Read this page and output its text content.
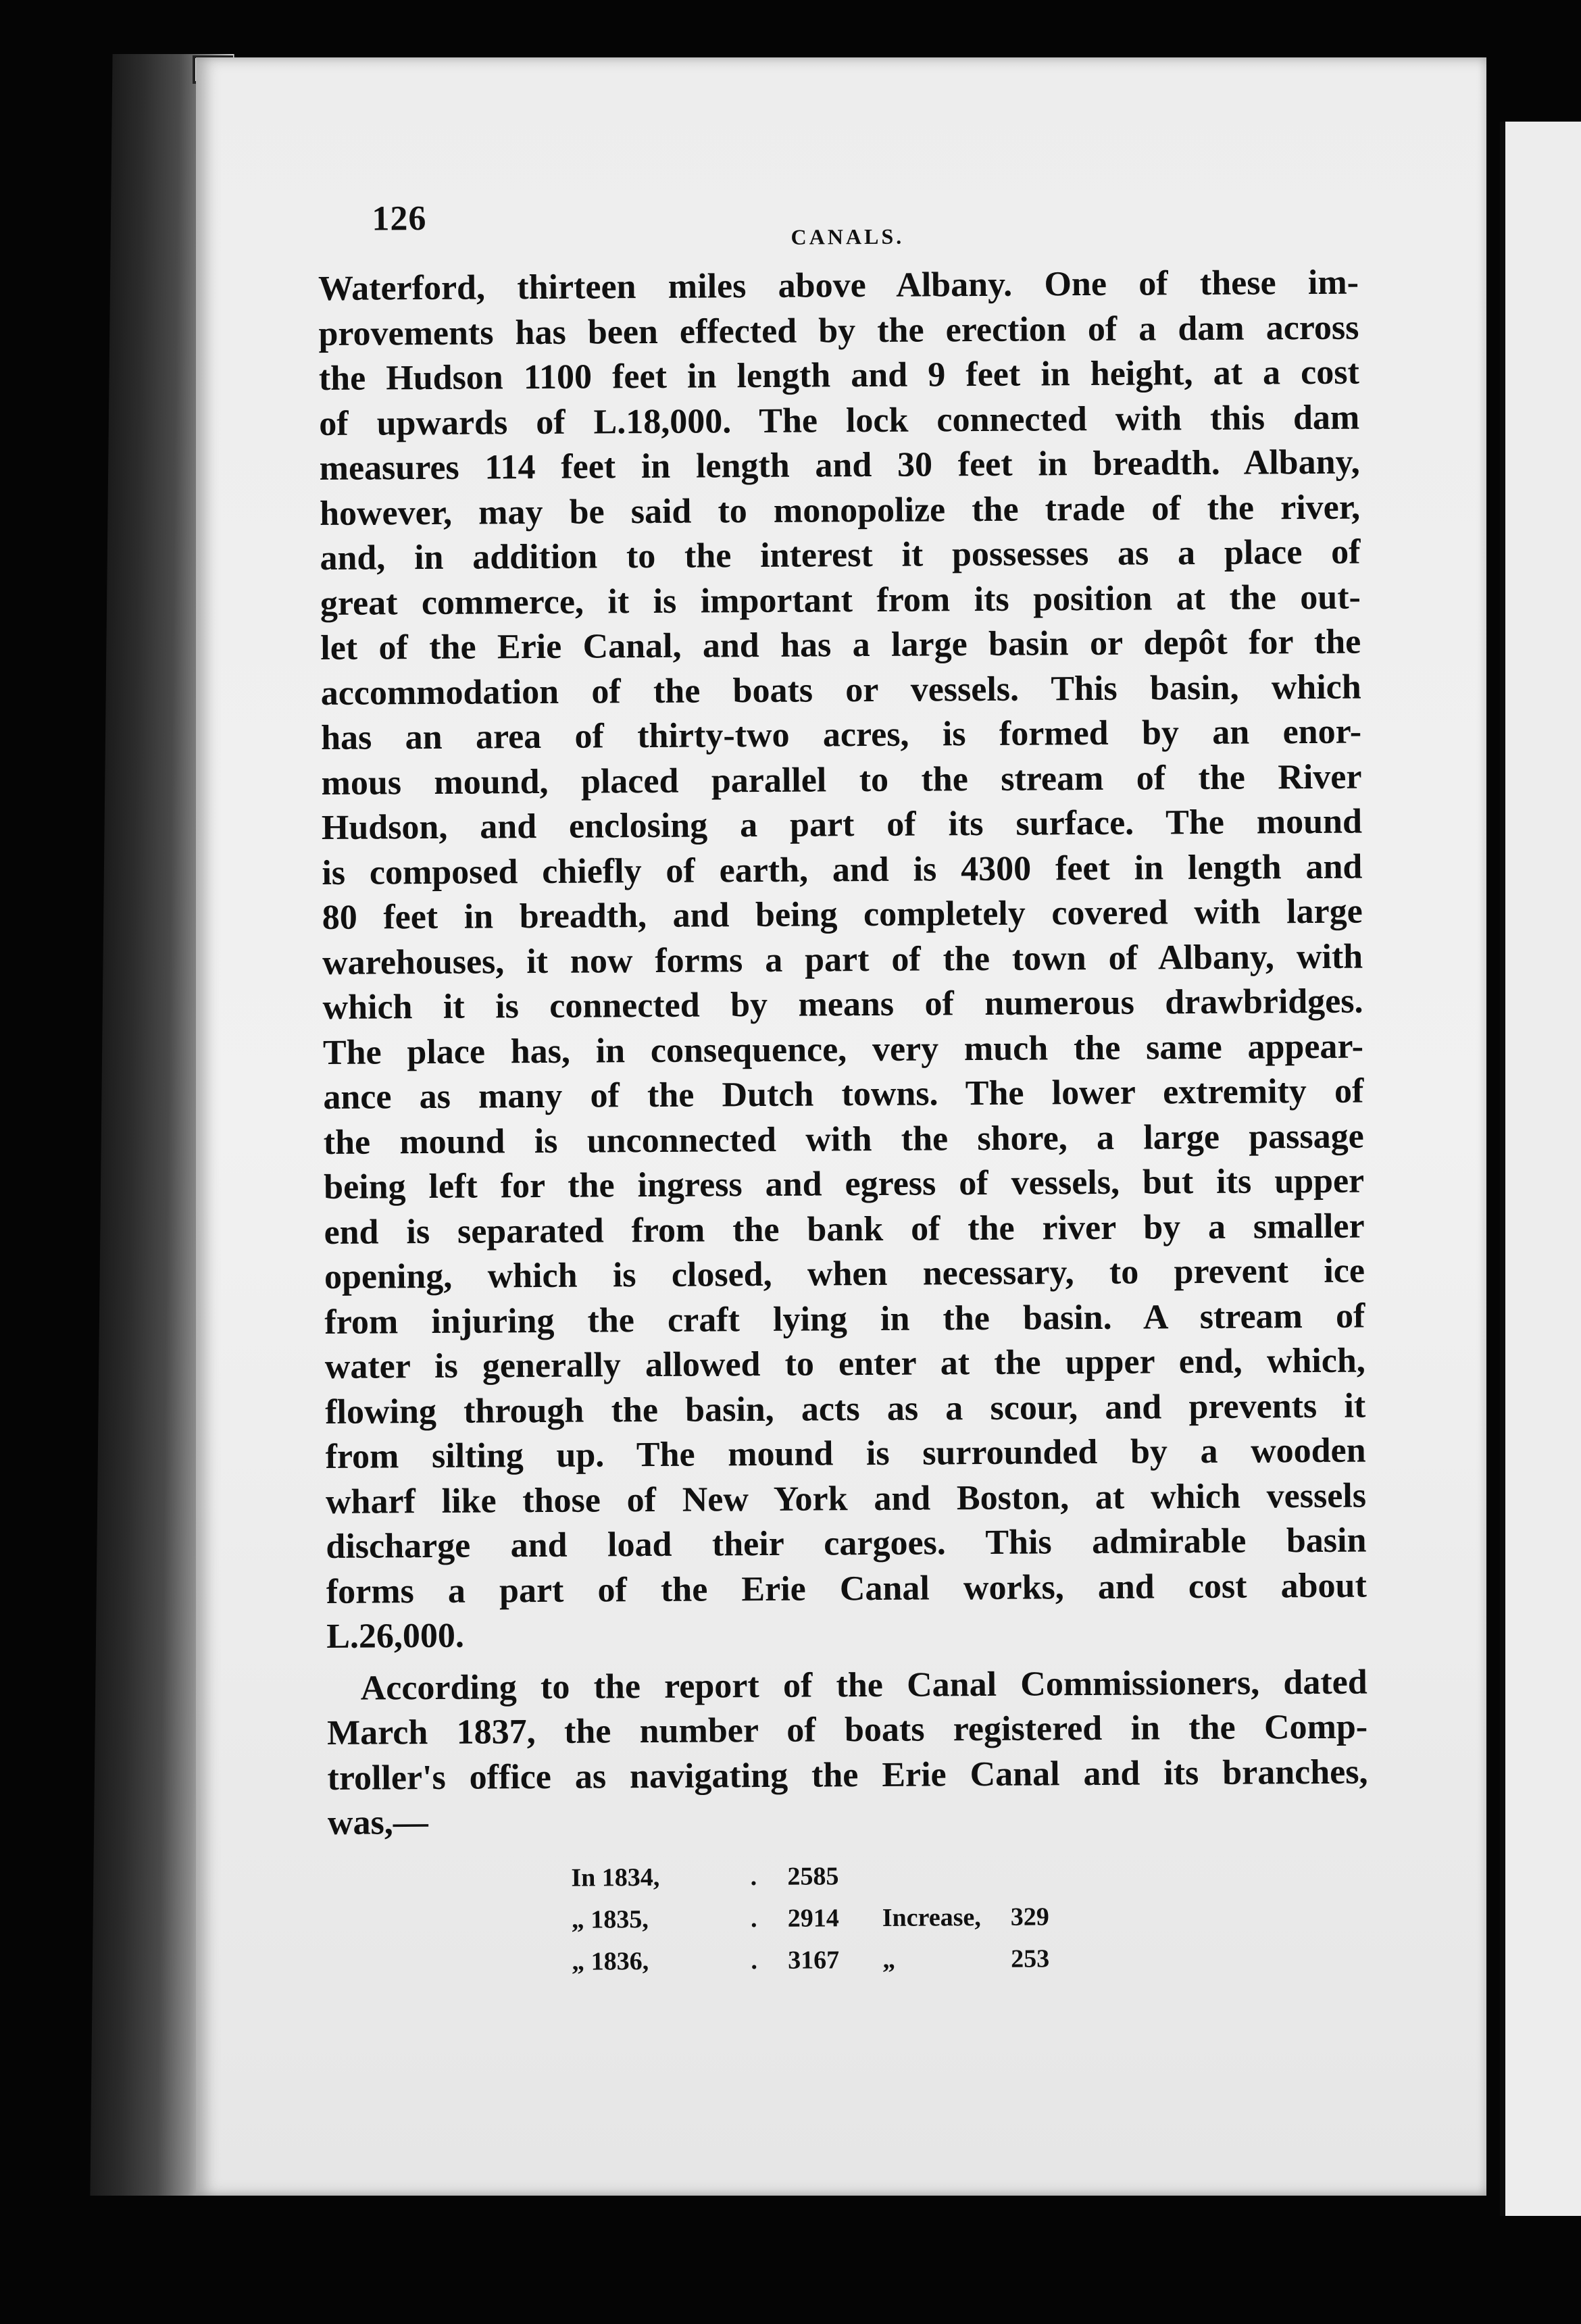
126	CANALS.
Waterford, thirteen miles above Albany. One of these im-
provements has been effected by the erection of a dam across
the Hudson 1100 feet in length and 9 feet in height, at a cost
of upwards of L.18,000. The lock connected with this dam
measures 114 feet in length and 30 feet in breadth. Albany,
however, may be said to monopolize the trade of the river,
and, in addition to the interest it possesses as a place of
great commerce, it is important from its position at the out-
let of the Erie Canal, and has a large basin or depôt for the
accommodation of the boats or vessels. This basin, which
has an area of thirty-two acres, is formed by an enor-
mous mound, placed parallel to the stream of the River
Hudson, and enclosing a part of its surface. The mound
is composed chiefly of earth, and is 4300 feet in length and
80 feet in breadth, and being completely covered with large
warehouses, it now forms a part of the town of Albany, with
which it is connected by means of numerous drawbridges.
The place has, in consequence, very much the same appear-
ance as many of the Dutch towns. The lower extremity of
the mound is unconnected with the shore, a large passage
being left for the ingress and egress of vessels, but its upper
end is separated from the bank of the river by a smaller
opening, which is closed, when necessary, to prevent ice
from injuring the craft lying in the basin. A stream of
water is generally allowed to enter at the upper end, which,
flowing through the basin, acts as a scour, and prevents it
from silting up. The mound is surrounded by a wooden
wharf like those of New York and Boston, at which vessels
discharge and load their cargoes. This admirable basin
forms a part of the Erie Canal works, and cost about
L.26,000.
According to the report of the Canal Commissioners, dated
March 1837, the number of boats registered in the Comp-
troller's office as navigating the Erie Canal and its branches,
was,—
In 1834,	.	2585
„ 1835,	.	2914	Increase,	329
„ 1836,	.	3167	„	253
